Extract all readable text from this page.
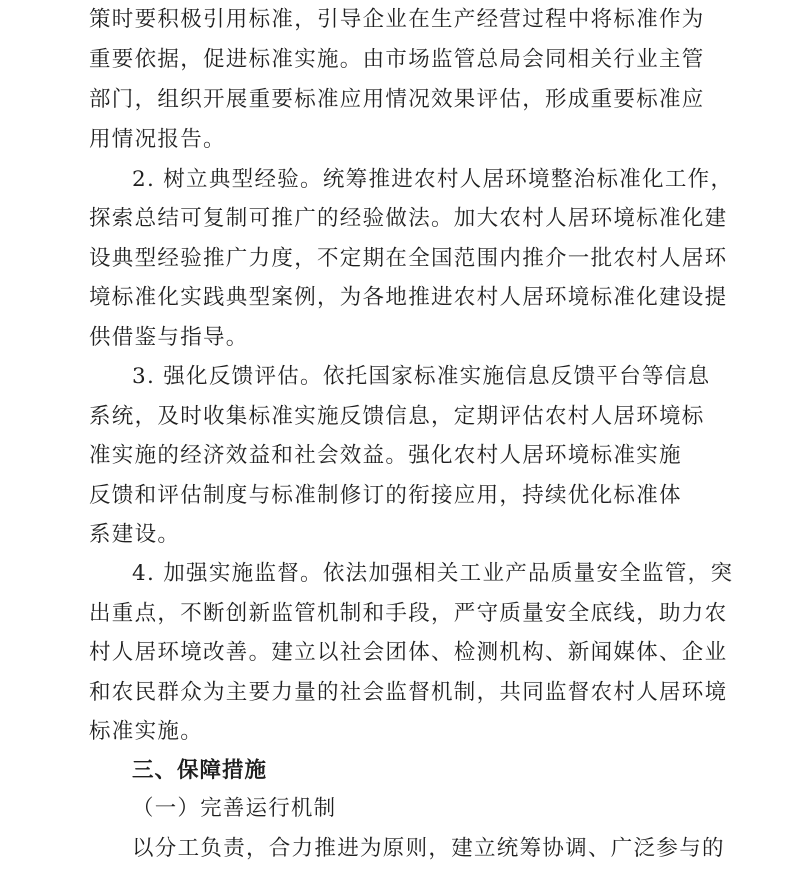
策时要积极引用标准，引导企业在生产经营过程中将标准作为
重要依据，促进标准实施。由市场监管总局会同相关行业主管
部门，组织开展重要标准应用情况效果评估，形成重要标准应
用情况报告。
2. 树立典型经验。统筹推进农村人居环境整治标准化工作，
探索总结可复制可推广的经验做法。加大农村人居环境标准化建
设典型经验推广力度，不定期在全国范围内推介一批农村人居环
境标准化实践典型案例，为各地推进农村人居环境标准化建设提
供借鉴与指导。
3. 强化反馈评估。依托国家标准实施信息反馈平台等信息
系统，及时收集标准实施反馈信息，定期评估农村人居环境标
准实施的经济效益和社会效益。强化农村人居环境标准实施
反馈和评估制度与标准制修订的衔接应用，持续优化标准体
系建设。
4. 加强实施监督。依法加强相关工业产品质量安全监管，突
出重点，不断创新监管机制和手段，严守质量安全底线，助力农
村人居环境改善。建立以社会团体、检测机构、新闻媒体、企业
和农民群众为主要力量的社会监督机制，共同监督农村人居环境
标准实施。
三、保障措施
（一）完善运行机制
以分工负责，合力推进为原则，建立统筹协调、广泛参与的
